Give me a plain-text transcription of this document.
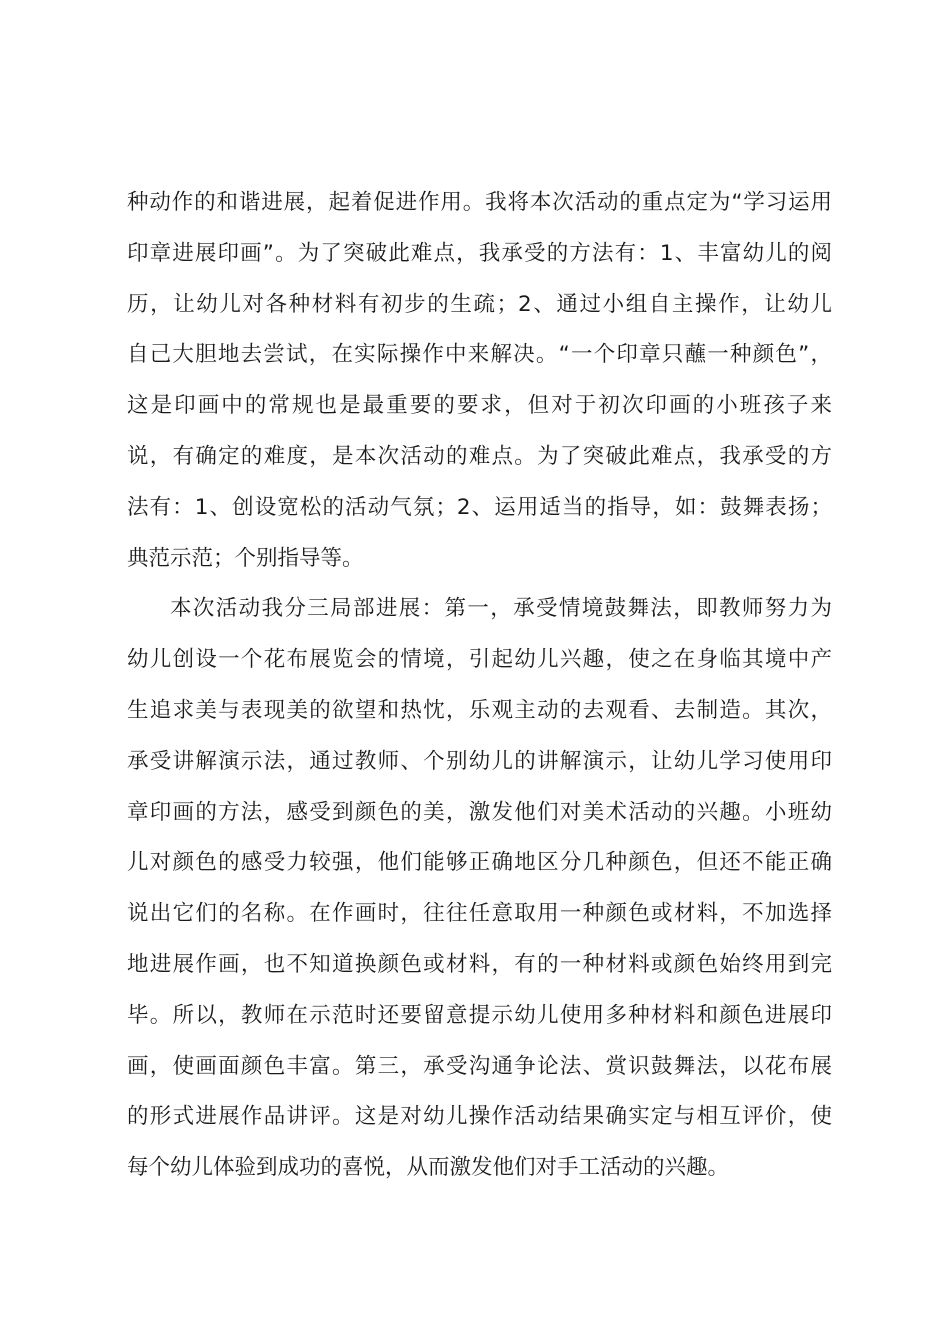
种动作的和谐进展，起着促进作用。我将本次活动的重点定为“学习运用
印章进展印画”。为了突破此难点，我承受的方法有：1、丰富幼儿的阅
历，让幼儿对各种材料有初步的生疏；2、通过小组自主操作，让幼儿
自己大胆地去尝试，在实际操作中来解决。“一个印章只蘸一种颜色”，
这是印画中的常规也是最重要的要求，但对于初次印画的小班孩子来
说，有确定的难度，是本次活动的难点。为了突破此难点，我承受的方
法有：1、创设宽松的活动气氛；2、运用适当的指导，如：鼓舞表扬；
典范示范；个别指导等。
本次活动我分三局部进展：第一，承受情境鼓舞法，即教师努力为
幼儿创设一个花布展览会的情境，引起幼儿兴趣，使之在身临其境中产
生追求美与表现美的欲望和热忱，乐观主动的去观看、去制造。其次，
承受讲解演示法，通过教师、个别幼儿的讲解演示，让幼儿学习使用印
章印画的方法，感受到颜色的美，激发他们对美术活动的兴趣。小班幼
儿对颜色的感受力较强，他们能够正确地区分几种颜色，但还不能正确
说出它们的名称。在作画时，往往任意取用一种颜色或材料，不加选择
地进展作画，也不知道换颜色或材料，有的一种材料或颜色始终用到完
毕。所以，教师在示范时还要留意提示幼儿使用多种材料和颜色进展印
画，使画面颜色丰富。第三，承受沟通争论法、赏识鼓舞法，以花布展
的形式进展作品讲评。这是对幼儿操作活动结果确实定与相互评价，使
每个幼儿体验到成功的喜悦，从而激发他们对手工活动的兴趣。
